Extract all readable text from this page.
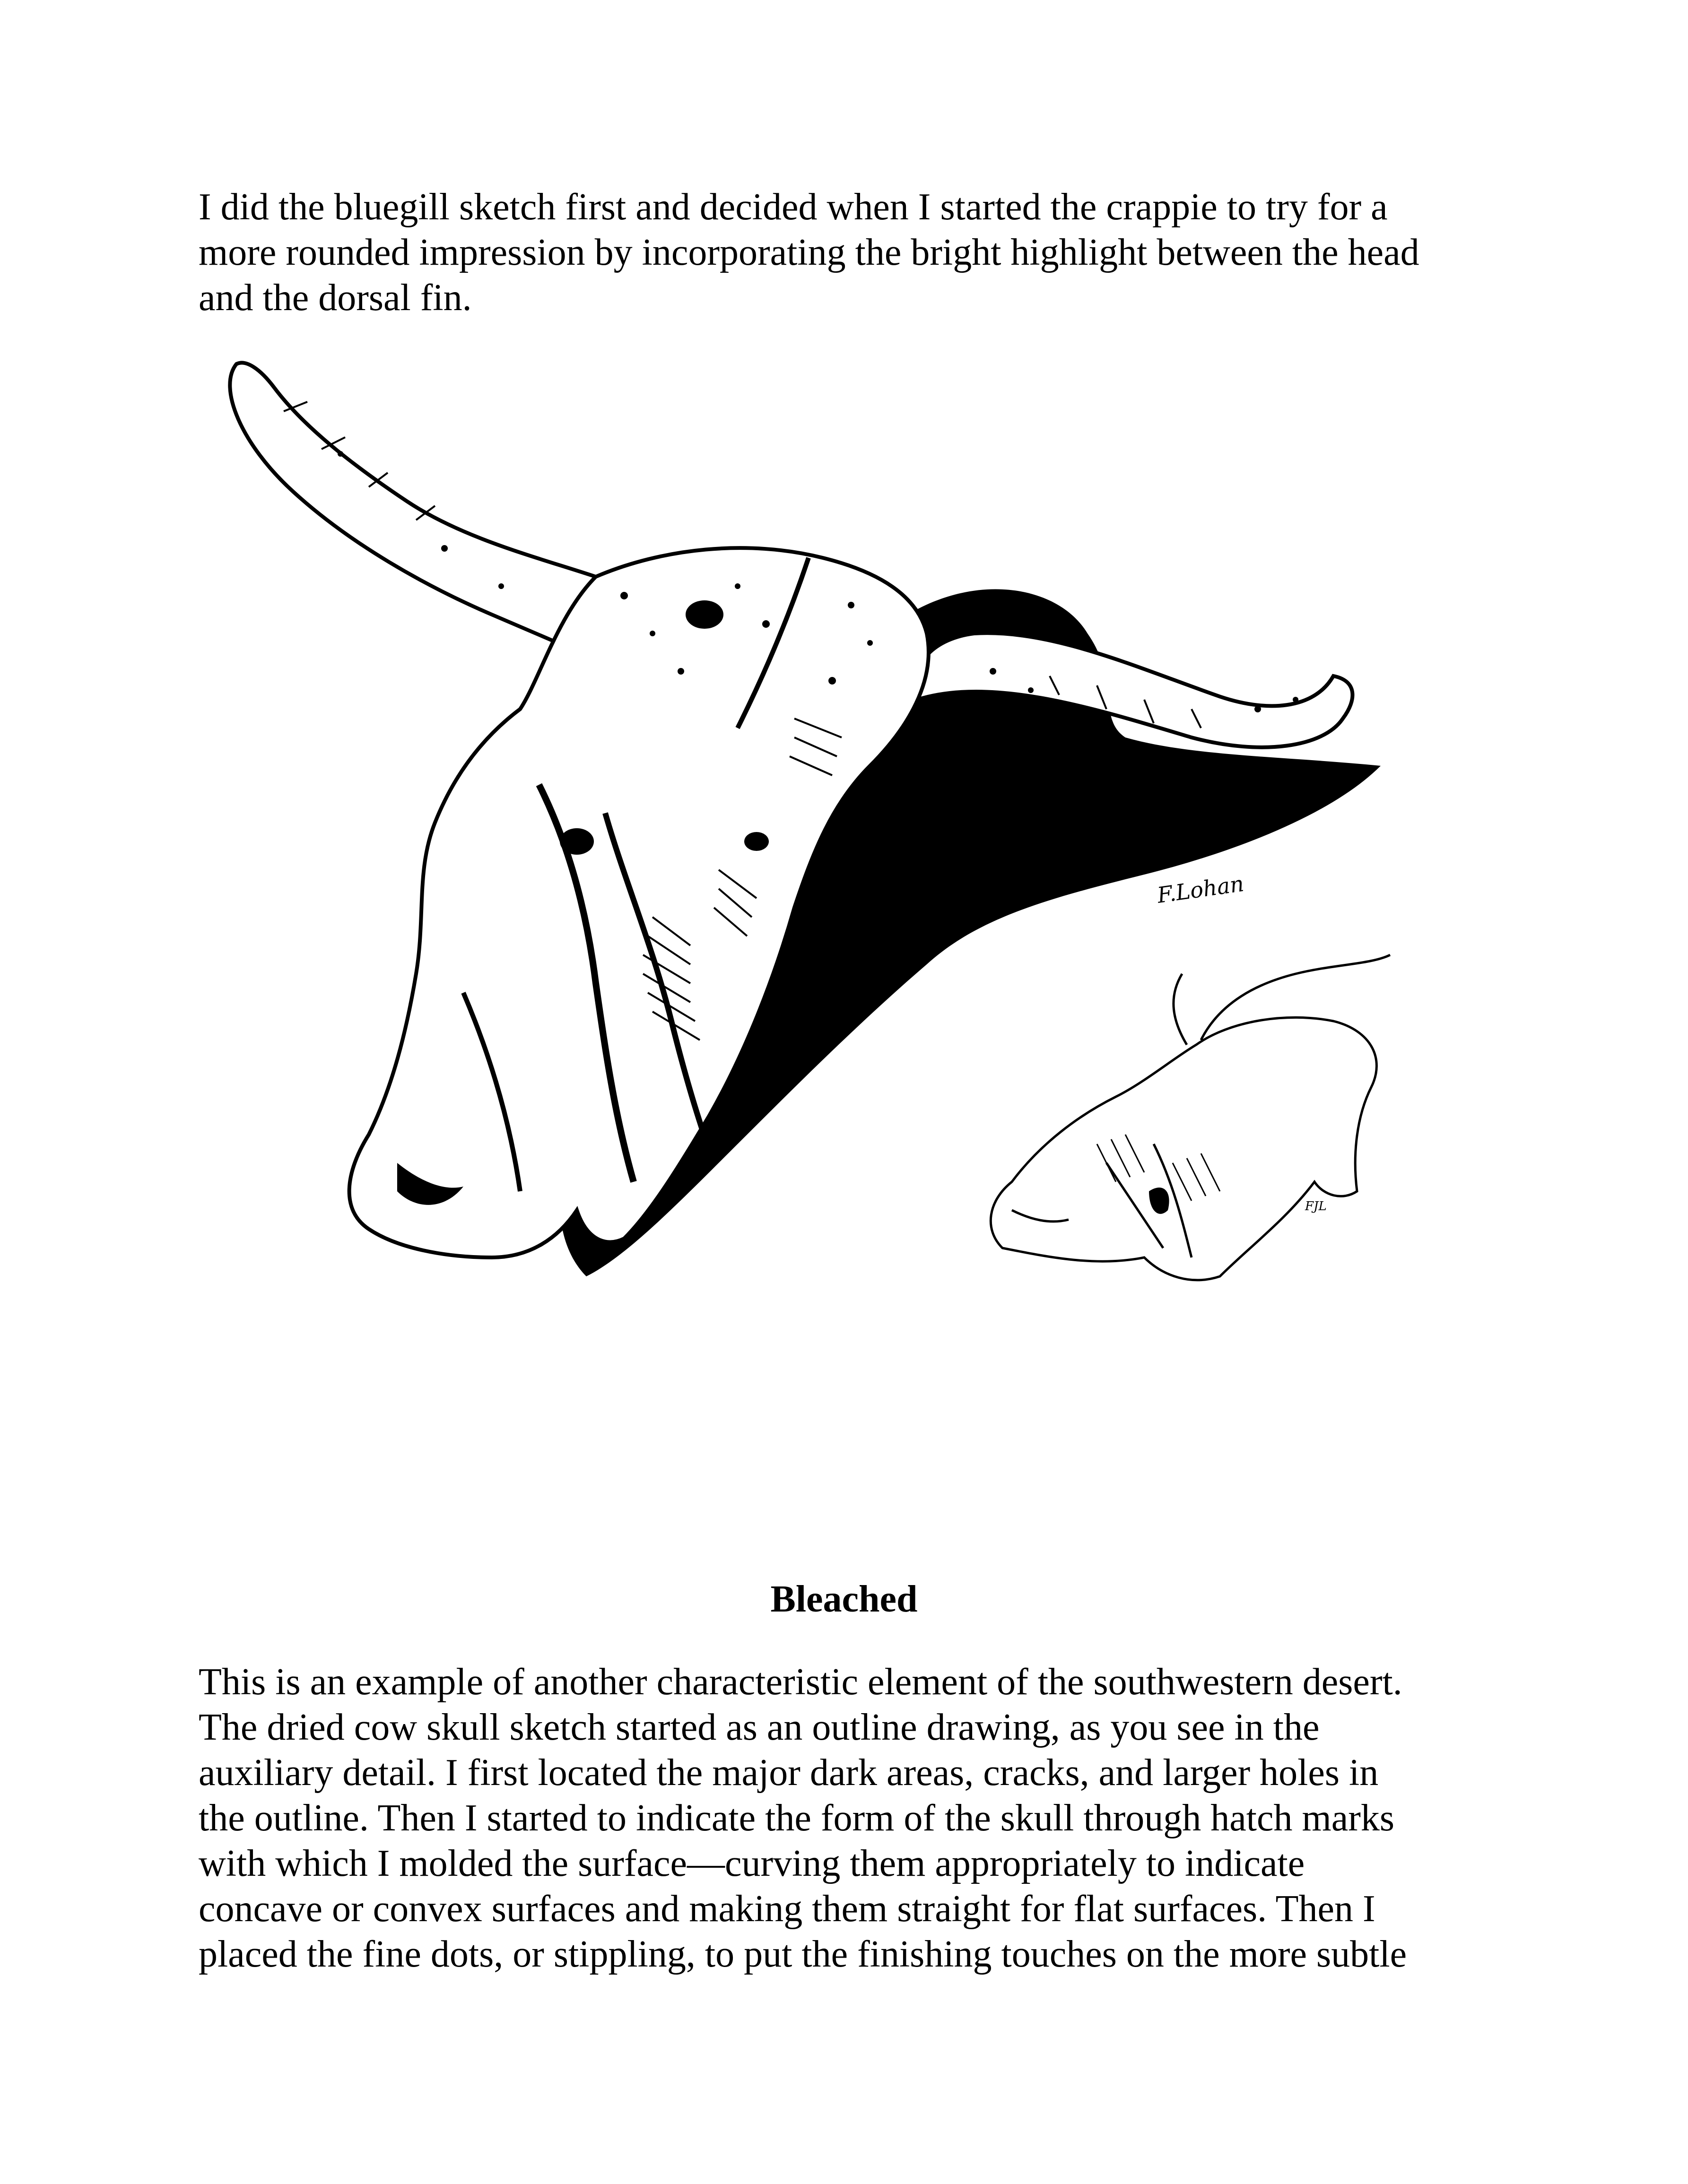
I did the bluegill sketch first and decided when I started the crappie to try for a
more rounded impression by incorporating the bright highlight between the head
and the dorsal fin.

F.Lohan
FJL
Bleached

This is an example of another characteristic element of the southwestern desert.
The dried cow skull sketch started as an outline drawing, as you see in the
auxiliary detail. I first located the major dark areas, cracks, and larger holes in
the outline. Then I started to indicate the form of the skull through hatch marks
with which I molded the surface—curving them appropriately to indicate
concave or convex surfaces and making them straight for flat surfaces. Then I
placed the fine dots, or stippling, to put the finishing touches on the more subtle
